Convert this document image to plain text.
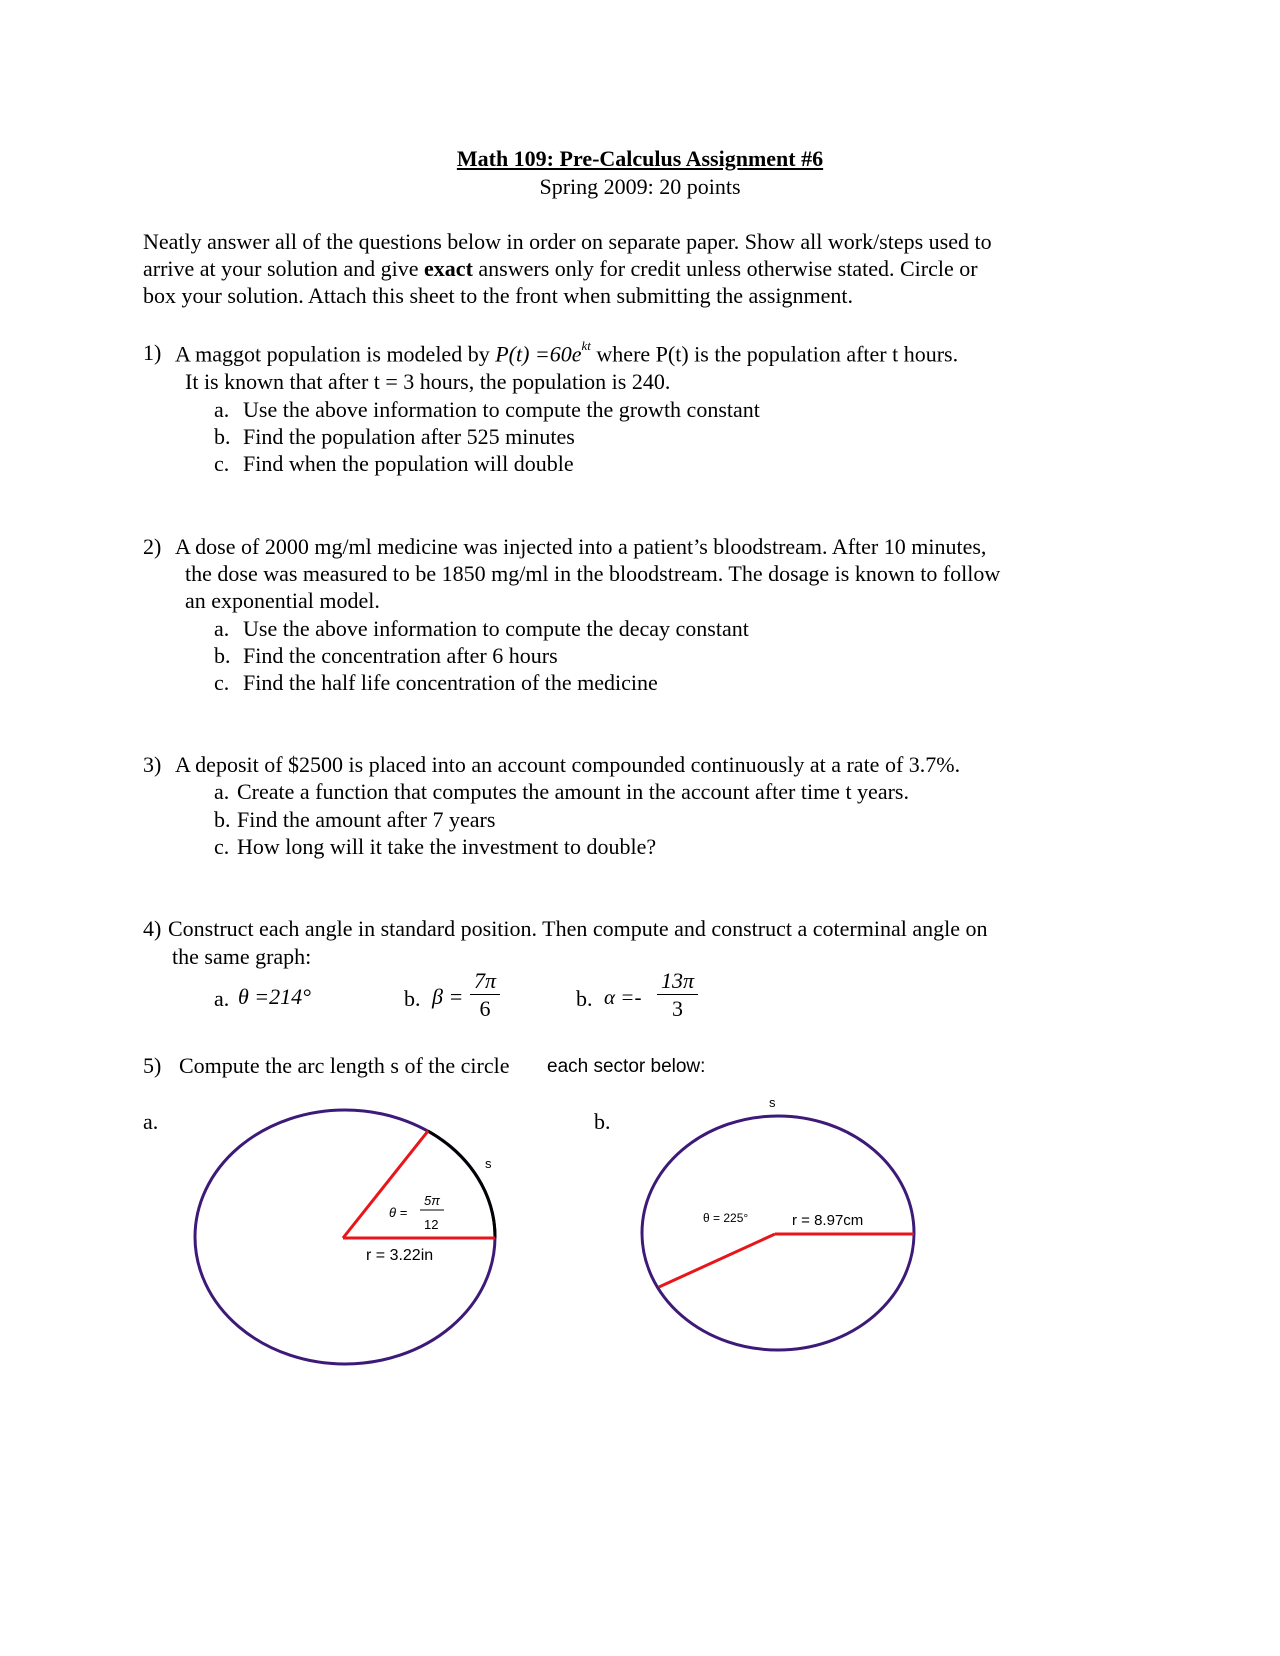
Math 109: Pre-Calculus Assignment #6
Spring 2009: 20 points
Neatly answer all of the questions below in order on separate paper. Show all work/steps used to
arrive at your solution and give exact answers only for credit unless otherwise stated. Circle or
box your solution. Attach this sheet to the front when submitting the assignment.
1) A maggot population is modeled by $P(t) =60e^{kt}$ where P(t) is the population after t hours.
It is known that after t = 3 hours, the population is 240.
a. Use the above information to compute the growth constant
b. Find the population after 525 minutes
c. Find when the population will double
2) A dose of 2000 mg/ml medicine was injected into a patient’s bloodstream. After 10 minutes,
the dose was measured to be 1850 mg/ml in the bloodstream. The dosage is known to follow
an exponential model.
a. Use the above information to compute the decay constant
b. Find the concentration after 6 hours
c. Find the half life concentration of the medicine
3) A deposit of $2500 is placed into an account compounded continuously at a rate of 3.7%.
a. Create a function that computes the amount in the account after time t years.
b. Find the amount after 7 years
c. How long will it take the investment to double?
4) Construct each angle in standard position. Then compute and construct a coterminal angle on
the same graph:
a. θ =214°	b. $\beta = \frac{7\pi}{6}$	b. $\alpha =- \frac{13\pi}{3}$
5) Compute the arc length s of the circle each sector below:
a.	b.
s
θ =
5π
12
r = 3.22in
s
θ = 225°	r = 8.97cm
